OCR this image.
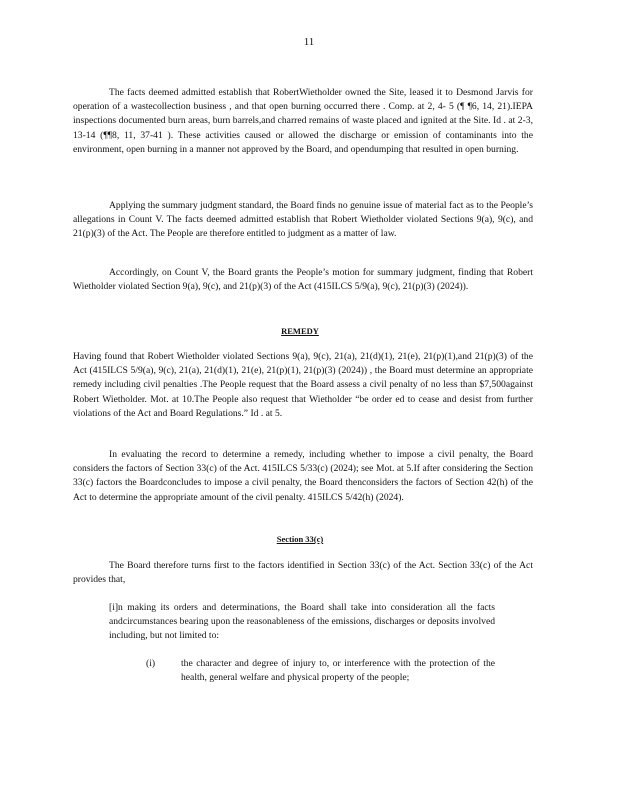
11

The facts deemed admitted establish that RobertWietholder owned the Site, leased it to Desmond Jarvis for operation of a wastecollection business , and that open burning occurred there . Comp. at 2, 4- 5 (¶ ¶6, 14, 21).IEPA inspections documented burn areas, burn barrels,and charred remains of waste placed and ignited at the Site. Id . at 2-3, 13-14 (¶¶8, 11, 37-41 ). These activities caused or allowed the discharge or emission of contaminants into the environment, open burning in a manner not approved by the Board, and opendumping that resulted in open burning.

Applying the summary judgment standard, the Board finds no genuine issue of material fact as to the People’s allegations in Count V. The facts deemed admitted establish that Robert Wietholder violated Sections 9(a), 9(c), and 21(p)(3) of the Act. The People are therefore entitled to judgment as a matter of law.

Accordingly, on Count V, the Board grants the People’s motion for summary judgment, finding that Robert Wietholder violated Section 9(a), 9(c), and 21(p)(3) of the Act (415ILCS 5/9(a), 9(c), 21(p)(3) (2024)).

REMEDY

Having found that Robert Wietholder violated Sections 9(a), 9(c), 21(a), 21(d)(1), 21(e), 21(p)(1),and 21(p)(3) of the Act (415ILCS 5/9(a), 9(c), 21(a), 21(d)(1), 21(e), 21(p)(1), 21(p)(3) (2024)) , the Board must determine an appropriate remedy including civil penalties .The People request that the Board assess a civil penalty of no less than $7,500against Robert Wietholder. Mot. at 10.The People also request that Wietholder “be order ed to cease and desist from further violations of the Act and Board Regulations.” Id . at 5.

In evaluating the record to determine a remedy, including whether to impose a civil penalty, the Board considers the factors of Section 33(c) of the Act. 415ILCS 5/33(c) (2024); see Mot. at 5.If after considering the Section 33(c) factors the Boardconcludes to impose a civil penalty, the Board thenconsiders the factors of Section 42(h) of the Act to determine the appropriate amount of the civil penalty. 415ILCS 5/42(h) (2024).

Section 33(c)

The Board therefore turns first to the factors identified in Section 33(c) of the Act. Section 33(c) of the Act provides that,

[i]n making its orders and determinations, the Board shall take into consideration all the facts andcircumstances bearing upon the reasonableness of the emissions, discharges or deposits involved including, but not limited to:

(i)	the character and degree of injury to, or interference with the protection of the health, general welfare and physical property of the people;
